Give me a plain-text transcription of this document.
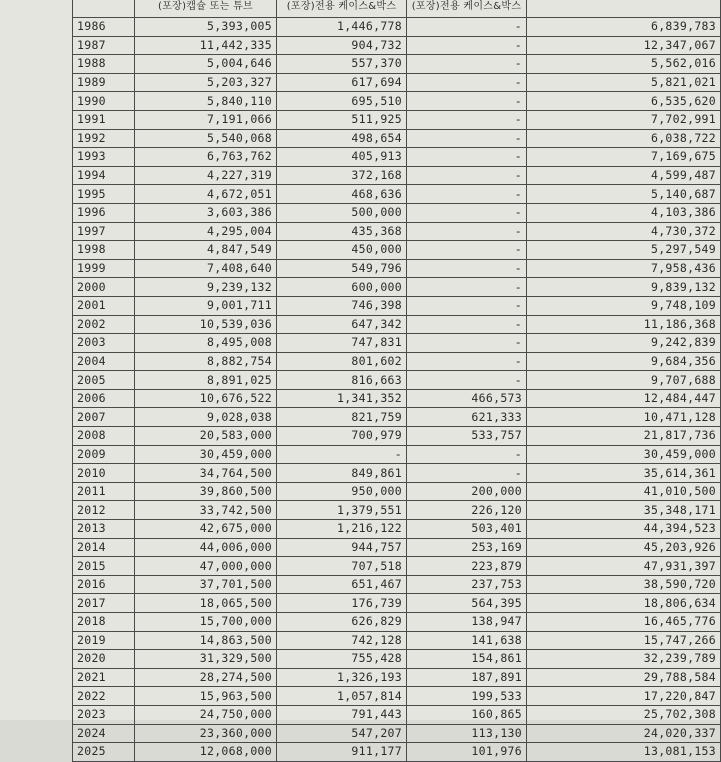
	(포장)캡슐 또는 튜브	(포장)전용 케이스&박스	(포장)전용 케이스&박스	
1986	5,393,005	1,446,778	-	6,839,783
1987	11,442,335	904,732	-	12,347,067
1988	5,004,646	557,370	-	5,562,016
1989	5,203,327	617,694	-	5,821,021
1990	5,840,110	695,510	-	6,535,620
1991	7,191,066	511,925	-	7,702,991
1992	5,540,068	498,654	-	6,038,722
1993	6,763,762	405,913	-	7,169,675
1994	4,227,319	372,168	-	4,599,487
1995	4,672,051	468,636	-	5,140,687
1996	3,603,386	500,000	-	4,103,386
1997	4,295,004	435,368	-	4,730,372
1998	4,847,549	450,000	-	5,297,549
1999	7,408,640	549,796	-	7,958,436
2000	9,239,132	600,000	-	9,839,132
2001	9,001,711	746,398	-	9,748,109
2002	10,539,036	647,342	-	11,186,368
2003	8,495,008	747,831	-	9,242,839
2004	8,882,754	801,602	-	9,684,356
2005	8,891,025	816,663	-	9,707,688
2006	10,676,522	1,341,352	466,573	12,484,447
2007	9,028,038	821,759	621,333	10,471,128
2008	20,583,000	700,979	533,757	21,817,736
2009	30,459,000	-	-	30,459,000
2010	34,764,500	849,861	-	35,614,361
2011	39,860,500	950,000	200,000	41,010,500
2012	33,742,500	1,379,551	226,120	35,348,171
2013	42,675,000	1,216,122	503,401	44,394,523
2014	44,006,000	944,757	253,169	45,203,926
2015	47,000,000	707,518	223,879	47,931,397
2016	37,701,500	651,467	237,753	38,590,720
2017	18,065,500	176,739	564,395	18,806,634
2018	15,700,000	626,829	138,947	16,465,776
2019	14,863,500	742,128	141,638	15,747,266
2020	31,329,500	755,428	154,861	32,239,789
2021	28,274,500	1,326,193	187,891	29,788,584
2022	15,963,500	1,057,814	199,533	17,220,847
2023	24,750,000	791,443	160,865	25,702,308
2024	23,360,000	547,207	113,130	24,020,337
2025	12,068,000	911,177	101,976	13,081,153
